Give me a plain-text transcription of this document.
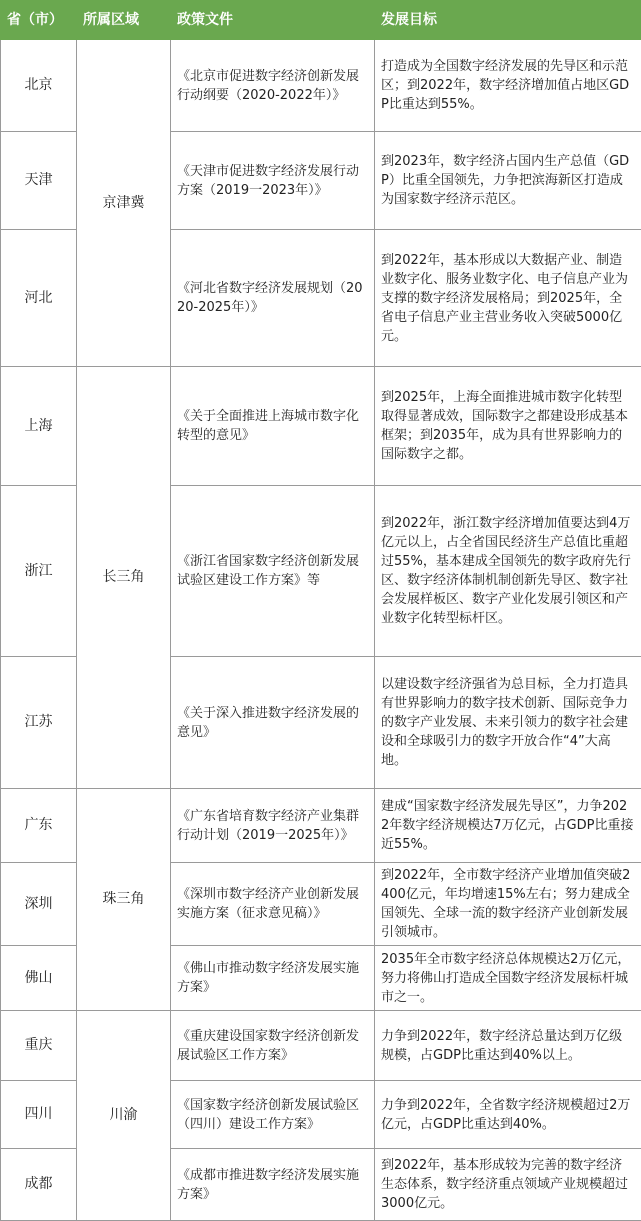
省（市）	所属区域	政策文件	发展目标
北京	京津冀	《北京市促进数字经济创新发展行动纲要（2020-2022年）》	打造成为全国数字经济发展的先导区和示范区；到2022年，数字经济增加值占地区GDP比重达到55%。
天津		《天津市促进数字经济发展行动方案（2019一2023年）》	到2023年，数字经济占国内生产总值（GDP）比重全国领先，力争把滨海新区打造成为国家数字经济示范区。
河北		《河北省数字经济发展规划（2020-2025年）》	到2022年，基本形成以大数据产业、制造业数字化、服务业数字化、电子信息产业为支撑的数字经济发展格局；到2025年，全省电子信息产业主营业务收入突破5000亿元。
上海	长三角	《关于全面推进上海城市数字化转型的意见》	到2025年，上海全面推进城市数字化转型取得显著成效，国际数字之都建设形成基本框架；到2035年，成为具有世界影响力的国际数字之都。
浙江		《浙江省国家数字经济创新发展试验区建设工作方案》等	到2022年，浙江数字经济增加值要达到4万亿元以上，占全省国民经济生产总值比重超过55%，基本建成全国领先的数字政府先行区、数字经济体制机制创新先导区、数字社会发展样板区、数字产业化发展引领区和产业数字化转型标杆区。
江苏		《关于深入推进数字经济发展的意见》	以建设数字经济强省为总目标，全力打造具有世界影响力的数字技术创新、国际竞争力的数字产业发展、未来引领力的数字社会建设和全球吸引力的数字开放合作“4”大高地。
广东	珠三角	《广东省培育数字经济产业集群行动计划（2019一2025年）》	建成“国家数字经济发展先导区”，力争2022年数字经济规模达7万亿元，占GDP比重接近55%。
深圳		《深圳市数字经济产业创新发展实施方案（征求意见稿）》	到2022年，全市数字经济产业增加值突破2400亿元，年均增速15%左右；努力建成全国领先、全球一流的数字经济产业创新发展引领城市。
佛山		《佛山市推动数字经济发展实施方案》	2035年全市数字经济总体规模达2万亿元，努力将佛山打造成全国数字经济发展标杆城市之一。
重庆	川渝	《重庆建设国家数字经济创新发展试验区工作方案》	力争到2022年，数字经济总量达到万亿级规模，占GDP比重达到40%以上。
四川		《国家数字经济创新发展试验区（四川）建设工作方案》	力争到2022年，全省数字经济规模超过2万亿元，占GDP比重达到40%。
成都		《成都市推进数字经济发展实施方案》	到2022年，基本形成较为完善的数字经济生态体系，数字经济重点领域产业规模超过3000亿元。
